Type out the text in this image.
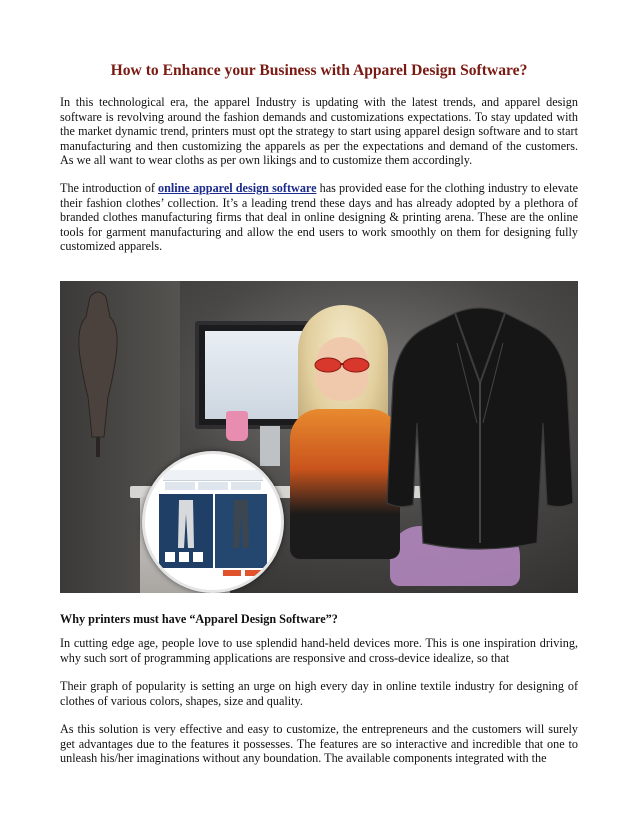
How to Enhance your Business with Apparel Design Software?
In this technological era, the apparel Industry is updating with the latest trends, and apparel design software is revolving around the fashion demands and customizations expectations. To stay updated with the market dynamic trend, printers must opt the strategy to start using apparel design software and to start manufacturing and then customizing the apparels as per the expectations and demand of the customers. As we all want to wear cloths as per own likings and to customize them accordingly.
The introduction of online apparel design software has provided ease for the clothing industry to elevate their fashion clothes’ collection. It’s a leading trend these days and has already adopted by a plethora of branded clothes manufacturing firms that deal in online designing & printing arena. These are the online tools for garment manufacturing and allow the end users to work smoothly on them for designing fully customized apparels.
Why printers must have “Apparel Design Software”?
In cutting edge age, people love to use splendid hand-held devices more. This is one inspiration driving, why such sort of programming applications are responsive and cross-device idealize, so that
Their graph of popularity is setting an urge on high every day in online textile industry for designing of clothes of various colors, shapes, size and quality.
As this solution is very effective and easy to customize, the entrepreneurs and the customers will surely get advantages due to the features it possesses. The features are so interactive and incredible that one to unleash his/her imaginations without any boundation. The available components integrated with the
